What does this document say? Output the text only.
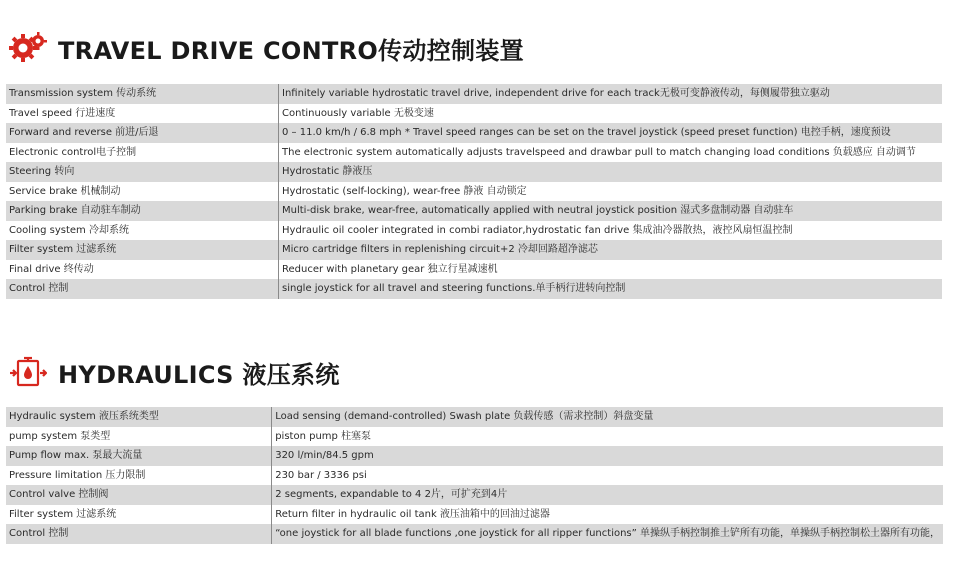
TRAVEL DRIVE CONTRO传动控制装置
Transmission system 传动系统	Infinitely variable hydrostatic travel drive, independent drive for each track无极可变静液传动，每侧履带独立驱动
Travel speed 行进速度	Continuously variable 无极变速
Forward and reverse 前进/后退	0 – 11.0 km/h / 6.8 mph * Travel speed ranges can be set on the travel joystick (speed preset function) 电控手柄，速度预设
Electronic control电子控制	The electronic system automatically adjusts travelspeed and drawbar pull to match changing load conditions 负载感应 自动调节
Steering 转向	Hydrostatic 静液压
Service brake 机械制动	Hydrostatic (self-locking), wear-free 静液 自动锁定
Parking brake 自动驻车制动	Multi-disk brake, wear-free, automatically applied with neutral joystick position 湿式多盘制动器 自动驻车
Cooling system 冷却系统	Hydraulic oil cooler integrated in combi radiator,hydrostatic fan drive 集成油冷器散热，液控风扇恒温控制
Filter system 过滤系统	Micro cartridge filters in replenishing circuit+2 冷却回路超净滤芯
Final drive 终传动	Reducer with planetary gear 独立行星减速机
Control 控制	single joystick for all travel and steering functions.单手柄行进转向控制
HYDRAULICS 液压系统
Hydraulic system 液压系统类型	Load sensing (demand-controlled) Swash plate 负载传感（需求控制）斜盘变量
pump system 泵类型	piston pump 柱塞泵
Pump flow max. 泵最大流量	320 l/min/84.5 gpm
Pressure limitation 压力限制	230 bar / 3336 psi
Control valve 控制阀	2 segments, expandable to 4 2片，可扩充到4片
Filter system 过滤系统	Return filter in hydraulic oil tank 液压油箱中的回油过滤器
Control 控制	“one joystick for all blade functions ,one joystick for all ripper functions” 单操纵手柄控制推土铲所有功能，单操纵手柄控制松土器所有功能，
